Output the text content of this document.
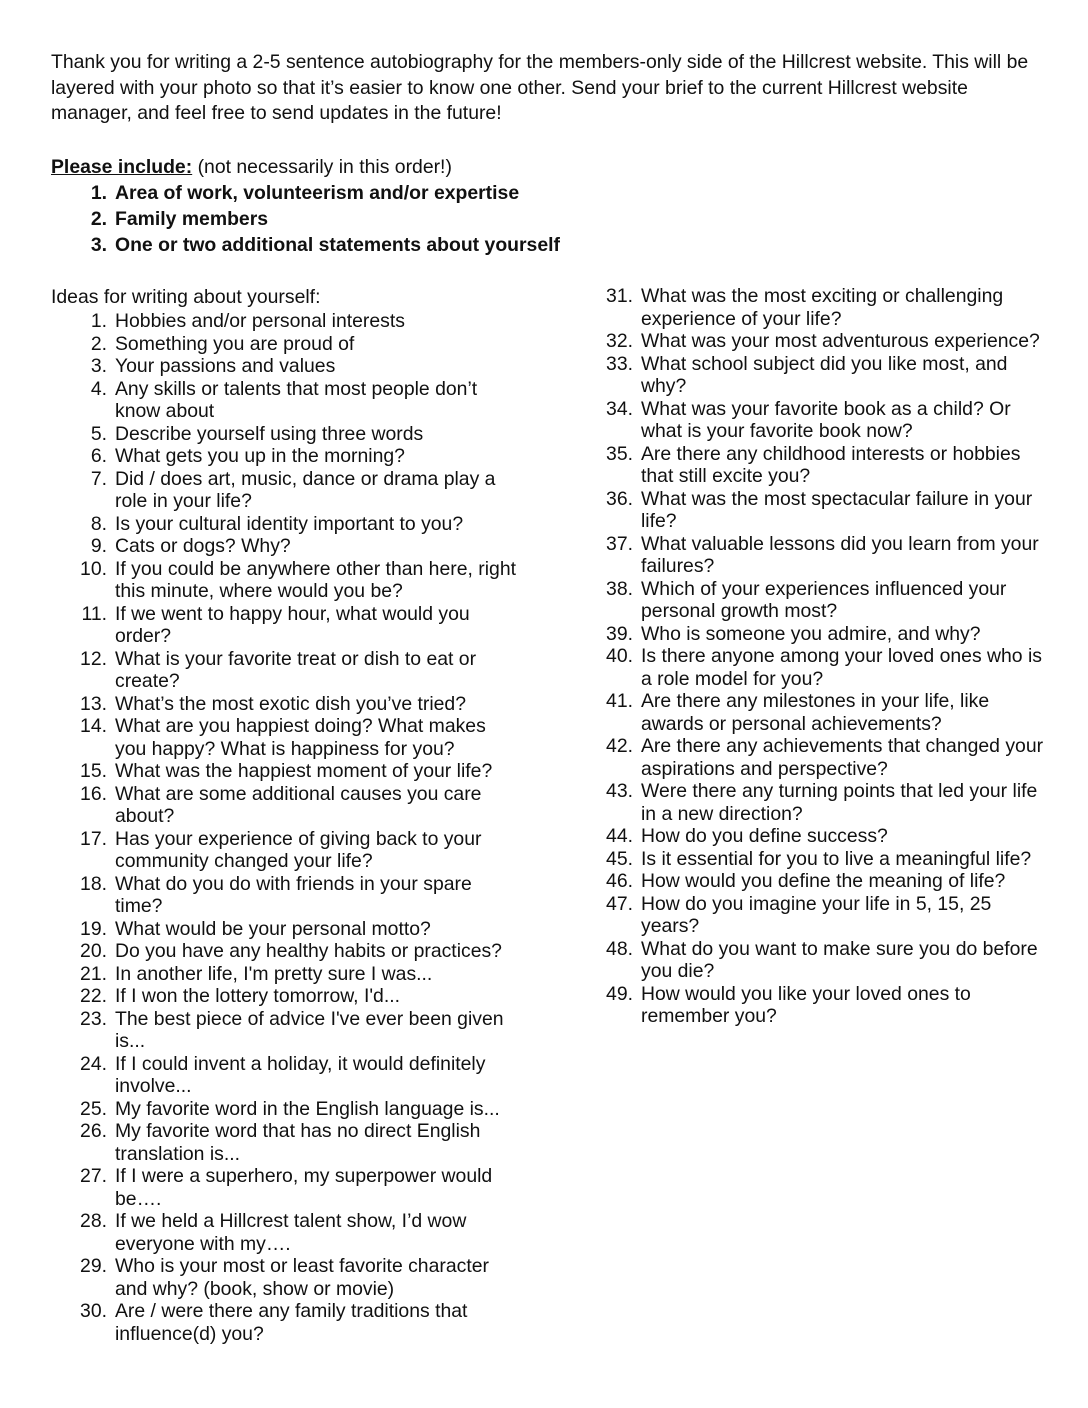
Thank you for writing a 2-5 sentence autobiography for the members-only side of the Hillcrest website. This will be layered with your photo so that it’s easier to know one other. Send your brief to the current Hillcrest website manager, and feel free to send updates in the future!

Please include: (not necessarily in this order!)

1. Area of work, volunteerism and/or expertise
2. Family members
3. One or two additional statements about yourself

Ideas for writing about yourself:

1. Hobbies and/or personal interests
2. Something you are proud of
3. Your passions and values
4. Any skills or talents that most people don’t know about
5. Describe yourself using three words
6. What gets you up in the morning?
7. Did / does art, music, dance or drama play a role in your life?
8. Is your cultural identity important to you?
9. Cats or dogs? Why?
10. If you could be anywhere other than here, right this minute, where would you be?
11. If we went to happy hour, what would you order?
12. What is your favorite treat or dish to eat or create?
13. What’s the most exotic dish you’ve tried?
14. What are you happiest doing? What makes you happy? What is happiness for you?
15. What was the happiest moment of your life?
16. What are some additional causes you care about?
17. Has your experience of giving back to your community changed your life?
18. What do you do with friends in your spare time?
19. What would be your personal motto?
20. Do you have any healthy habits or practices?
21. In another life, I'm pretty sure I was...
22. If I won the lottery tomorrow, I'd...
23. The best piece of advice I've ever been given is...
24. If I could invent a holiday, it would definitely involve...
25. My favorite word in the English language is...
26. My favorite word that has no direct English translation is...
27. If I were a superhero, my superpower would be….
28. If we held a Hillcrest talent show, I’d wow everyone with my….
29. Who is your most or least favorite character and why? (book, show or movie)
30. Are / were there any family traditions that influence(d) you?
31. What was the most exciting or challenging experience of your life?
32. What was your most adventurous experience?
33. What school subject did you like most, and why?
34. What was your favorite book as a child? Or what is your favorite book now?
35. Are there any childhood interests or hobbies that still excite you?
36. What was the most spectacular failure in your life?
37. What valuable lessons did you learn from your failures?
38. Which of your experiences influenced your personal growth most?
39. Who is someone you admire, and why?
40. Is there anyone among your loved ones who is a role model for you?
41. Are there any milestones in your life, like awards or personal achievements?
42. Are there any achievements that changed your aspirations and perspective?
43. Were there any turning points that led your life in a new direction?
44. How do you define success?
45. Is it essential for you to live a meaningful life?
46. How would you define the meaning of life?
47. How do you imagine your life in 5, 15, 25 years?
48. What do you want to make sure you do before you die?
49. How would you like your loved ones to remember you?
